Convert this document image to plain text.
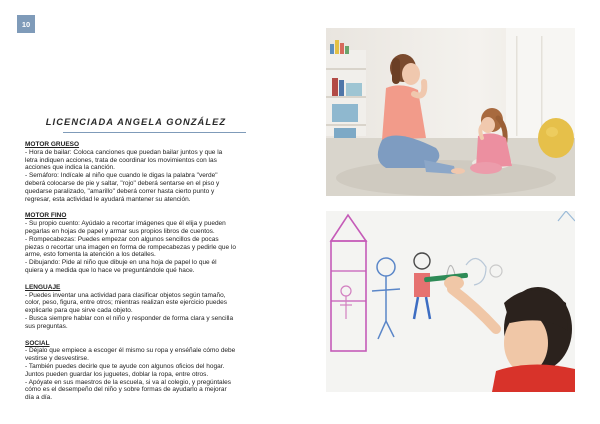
10
LICENCIADA ANGELA GONZÁLEZ
MOTOR GRUESO
- Hora de bailar: Coloca canciones que puedan bailar juntos y que la
letra indiquen acciones, trata de coordinar los movimientos con las
acciones que indica la canción.
- Semáforo: Indícale al niño que cuando le digas la palabra "verde"
deberá colocarse de pie y saltar, "rojo" deberá sentarse en el piso y
quedarse paralizado, "amarillo" deberá correr hasta cierto punto y
regresar, esta actividad le ayudará mantener su atención.
MOTOR FINO
- Su propio cuento: Ayúdalo a recortar imágenes que él elija y pueden
pegarlas en hojas de papel y armar sus propios libros de cuentos.
- Rompecabezas: Puedes empezar con algunos sencillos de pocas
piezas o recortar una imagen en forma de rompecabezas y pedirle que lo
arme, esto fomenta la atención a los detalles.
- Dibujando: Pide al niño que dibuje en una hoja de papel lo que él
quiera y a medida que lo hace ve preguntándole qué hace.
LENGUAJE
- Puedes inventar una actividad para clasificar objetos según tamaño,
color, peso, figura, entre otros; mientras realizan este ejercicio puedes
explicarle para que sirve cada objeto.
- Busca siempre hablar con el niño y responder de forma clara y sencilla
sus preguntas.
SOCIAL
- Déjalo que empiece a escoger él mismo su ropa y enséñale cómo debe
vestirse y desvestirse.
- También puedes decirle que te ayude con algunos oficios del hogar.
Juntos pueden guardar los juguetes, doblar la ropa, entre otros.
- Apóyate en sus maestros de la escuela, si va al colegio, y pregúntales
cómo es el desempeño del niño y sobre formas de ayudarlo a mejorar
día a día.
